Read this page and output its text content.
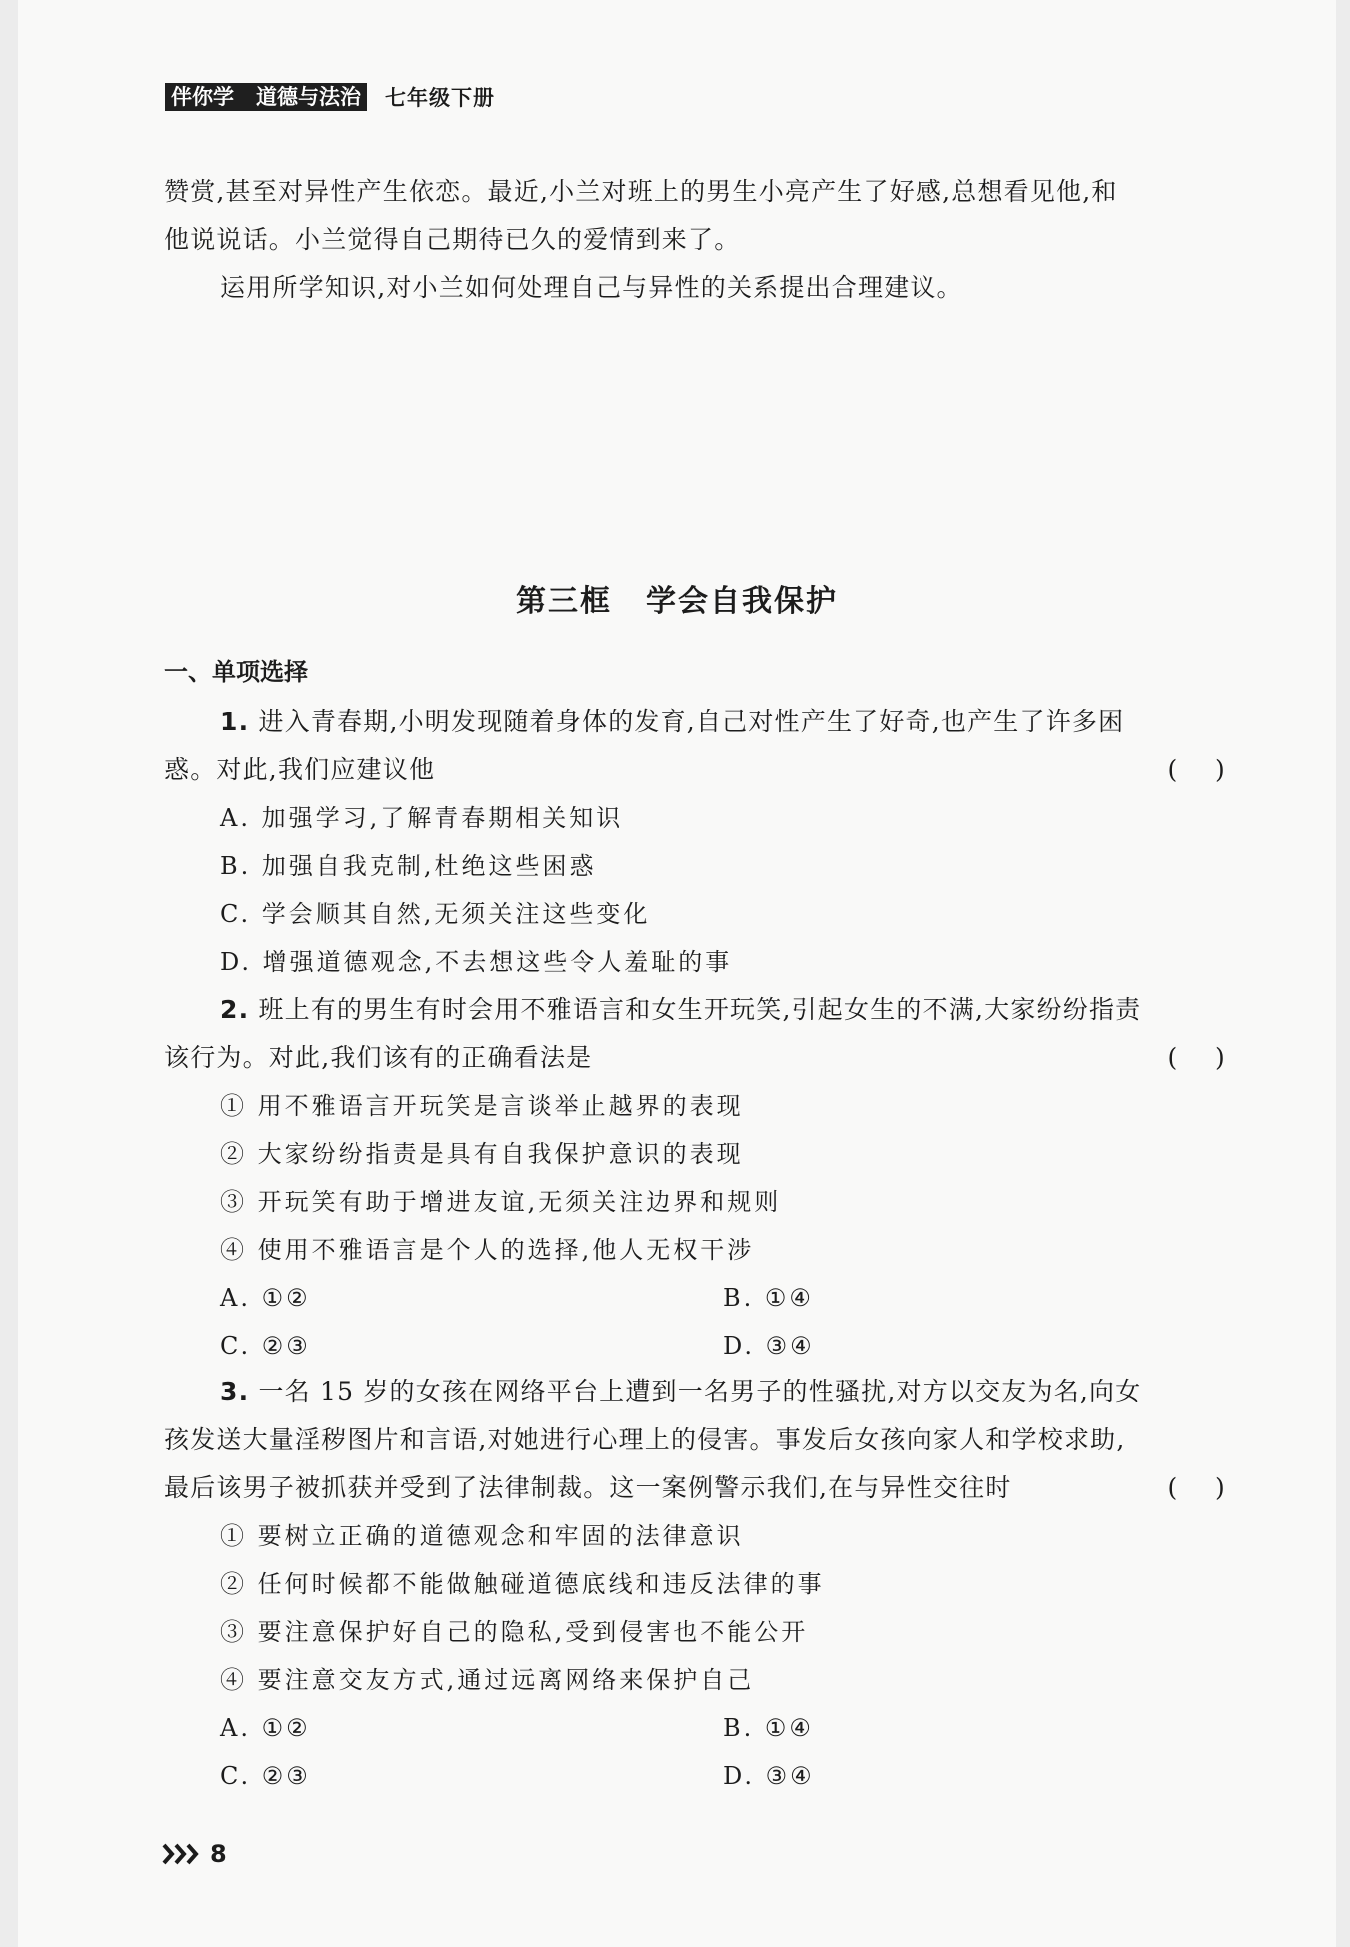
伴你学 道德与法治 七年级下册

赞赏,甚至对异性产生依恋。最近,小兰对班上的男生小亮产生了好感,总想看见他,和

他说说话。小兰觉得自己期待已久的爱情到来了。

运用所学知识,对小兰如何处理自己与异性的关系提出合理建议。

第三框 学会自我保护
一、单项选择

1. 进入青春期,小明发现随着身体的发育,自己对性产生了好奇,也产生了许多困

惑。对此,我们应建议他	(    )

A. 加强学习,了解青春期相关知识

B. 加强自我克制,杜绝这些困惑

C. 学会顺其自然,无须关注这些变化

D. 增强道德观念,不去想这些令人羞耻的事

2. 班上有的男生有时会用不雅语言和女生开玩笑,引起女生的不满,大家纷纷指责

该行为。对此,我们该有的正确看法是	(    )

① 用不雅语言开玩笑是言谈举止越界的表现

② 大家纷纷指责是具有自我保护意识的表现

③ 开玩笑有助于增进友谊,无须关注边界和规则

④ 使用不雅语言是个人的选择,他人无权干涉

A. ①②	B. ①④
C. ②③	D. ③④

3. 一名 15 岁的女孩在网络平台上遭到一名男子的性骚扰,对方以交友为名,向女

孩发送大量淫秽图片和言语,对她进行心理上的侵害。事发后女孩向家人和学校求助,

最后该男子被抓获并受到了法律制裁。这一案例警示我们,在与异性交往时	(    )

① 要树立正确的道德观念和牢固的法律意识

② 任何时候都不能做触碰道德底线和违反法律的事

③ 要注意保护好自己的隐私,受到侵害也不能公开

④ 要注意交友方式,通过远离网络来保护自己

A. ①②	B. ①④
C. ②③	D. ③④
8
